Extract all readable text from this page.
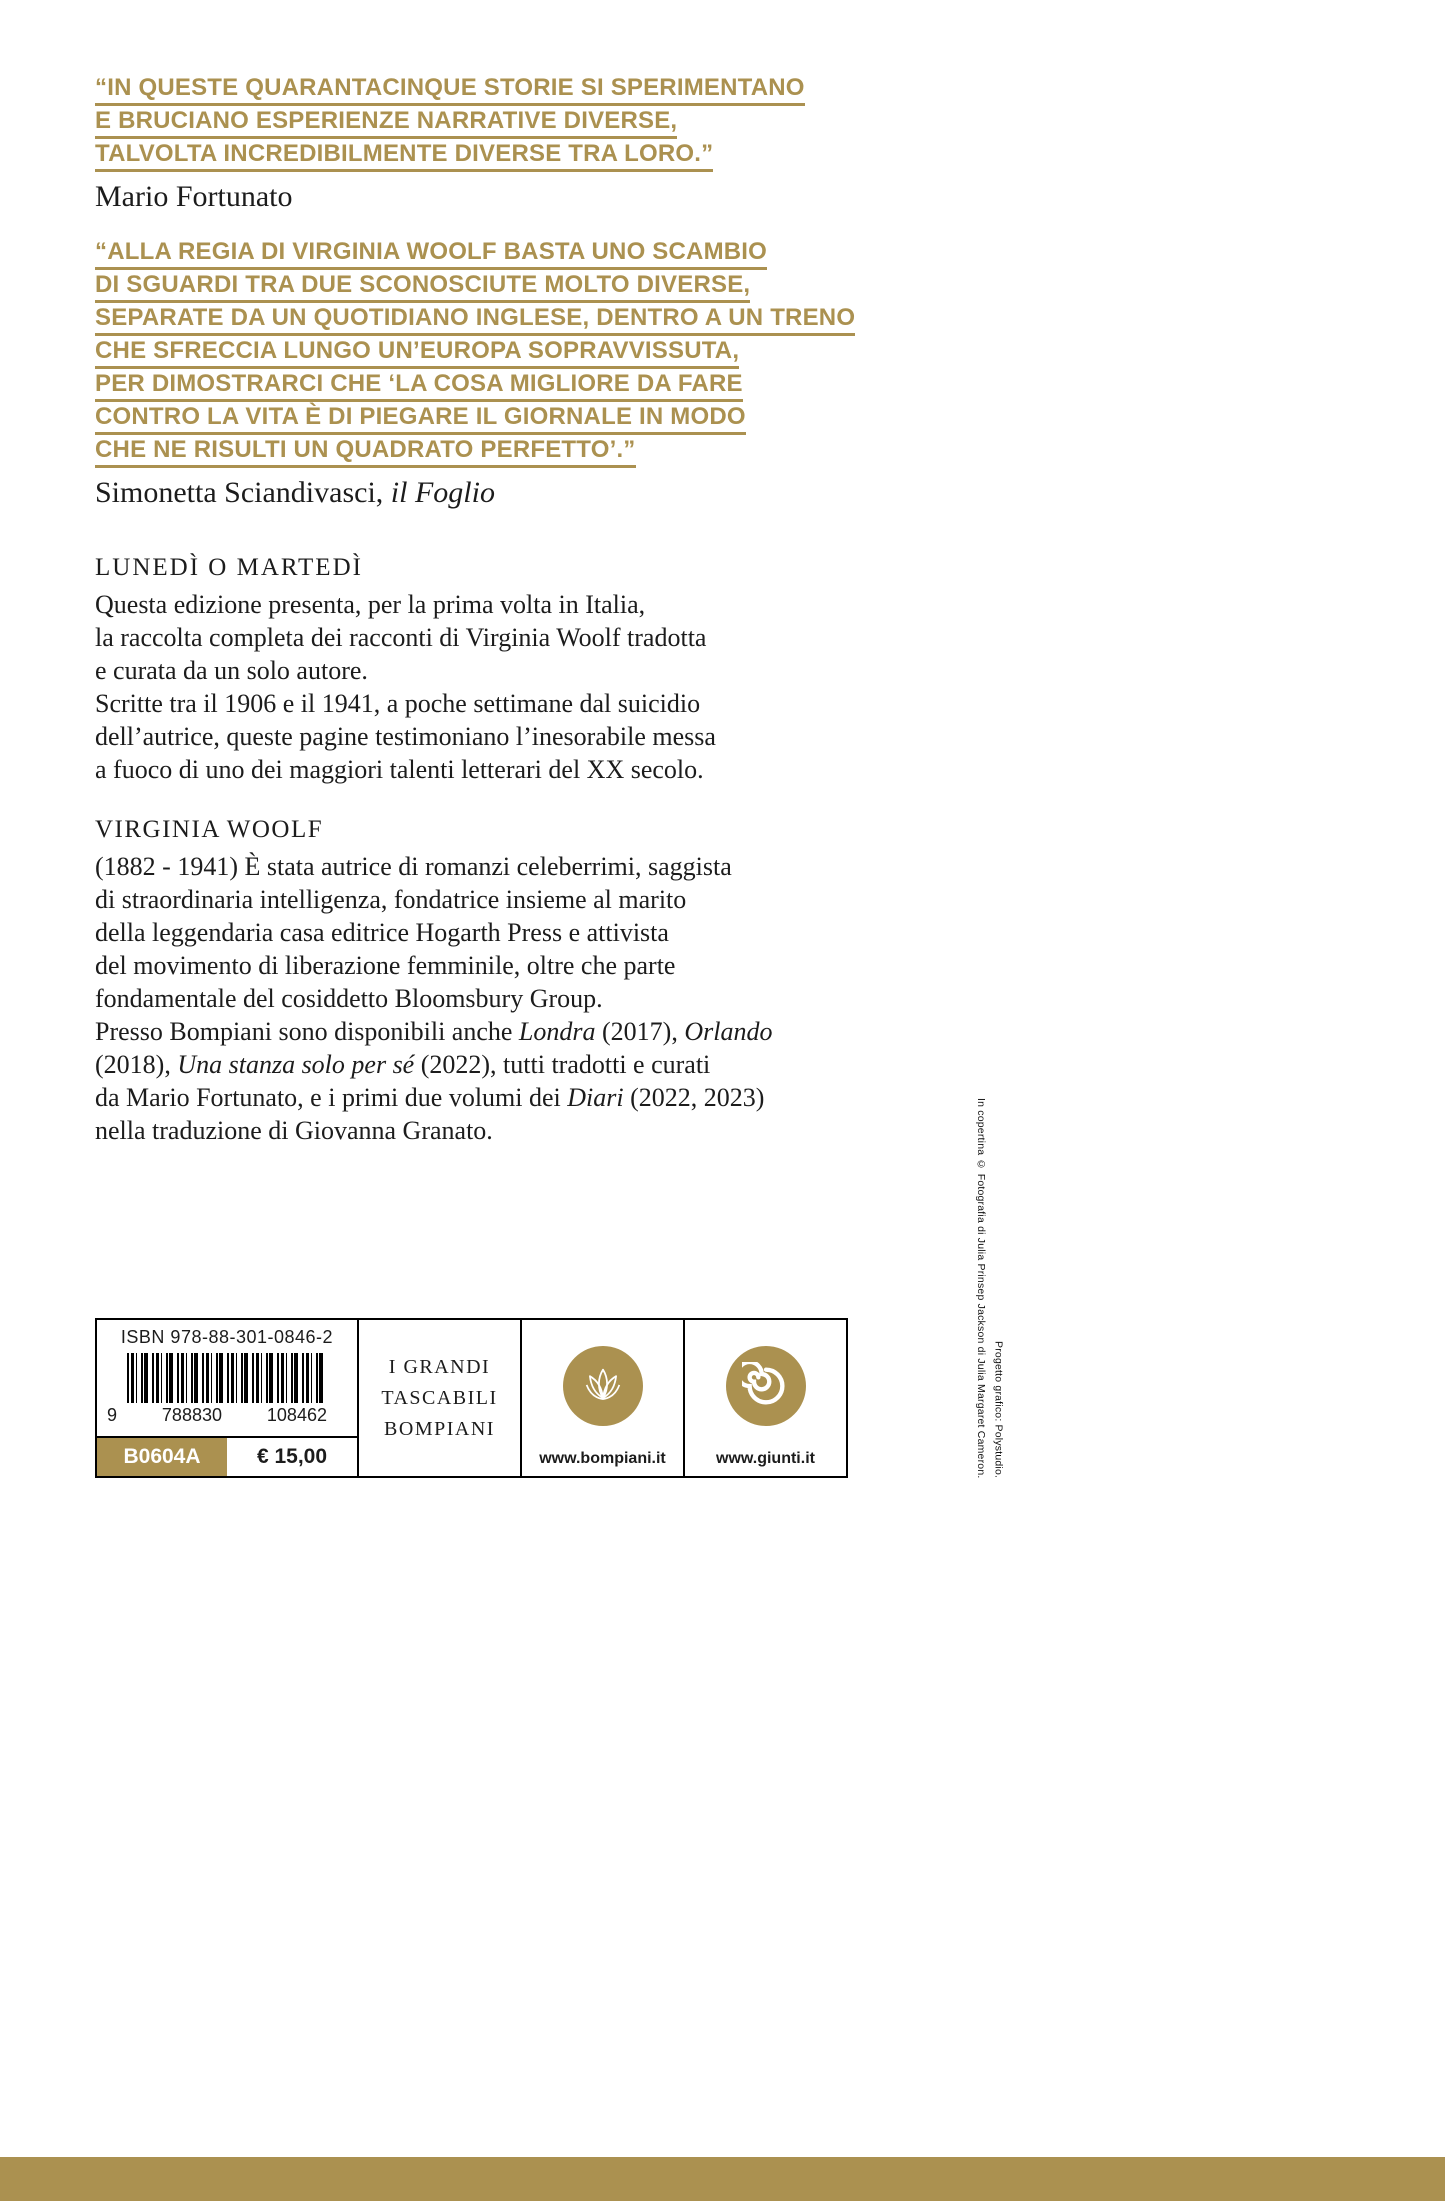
“IN QUESTE QUARANTACINQUE STORIE SI SPERIMENTANO
E BRUCIANO ESPERIENZE NARRATIVE DIVERSE,
TALVOLTA INCREDIBILMENTE DIVERSE TRA LORO.”
Mario Fortunato
“ALLA REGIA DI VIRGINIA WOOLF BASTA UNO SCAMBIO
DI SGUARDI TRA DUE SCONOSCIUTE MOLTO DIVERSE,
SEPARATE DA UN QUOTIDIANO INGLESE, DENTRO A UN TRENO
CHE SFRECCIA LUNGO UN’EUROPA SOPRAVVISSUTA,
PER DIMOSTRARCI CHE ‘LA COSA MIGLIORE DA FARE
CONTRO LA VITA È DI PIEGARE IL GIORNALE IN MODO
CHE NE RISULTI UN QUADRATO PERFETTO’.”
Simonetta Sciandivasci, il Foglio
LUNEDÌ O MARTEDÌ
Questa edizione presenta, per la prima volta in Italia,
la raccolta completa dei racconti di Virginia Woolf tradotta
e curata da un solo autore.
Scritte tra il 1906 e il 1941, a poche settimane dal suicidio
dell’autrice, queste pagine testimoniano l’inesorabile messa
a fuoco di uno dei maggiori talenti letterari del XX secolo.
VIRGINIA WOOLF
(1882 - 1941) È stata autrice di romanzi celeberrimi, saggista
di straordinaria intelligenza, fondatrice insieme al marito
della leggendaria casa editrice Hogarth Press e attivista
del movimento di liberazione femminile, oltre che parte
fondamentale del cosiddetto Bloomsbury Group.
Presso Bompiani sono disponibili anche Londra (2017), Orlando
(2018), Una stanza solo per sé (2022), tutti tradotti e curati
da Mario Fortunato, e i primi due volumi dei Diari (2022, 2023)
nella traduzione di Giovanna Granato.	In copertina © Fotografia di Julia Prinsep Jackson di Julia Margaret Cameron. Progetto grafico: Polystudio.
ISBN 978-88-301-0846-2
9 788830 108462
B0604A	€ 15,00
I GRANDI
TASCABILI
BOMPIANI
www.bompiani.it	www.giunti.it
